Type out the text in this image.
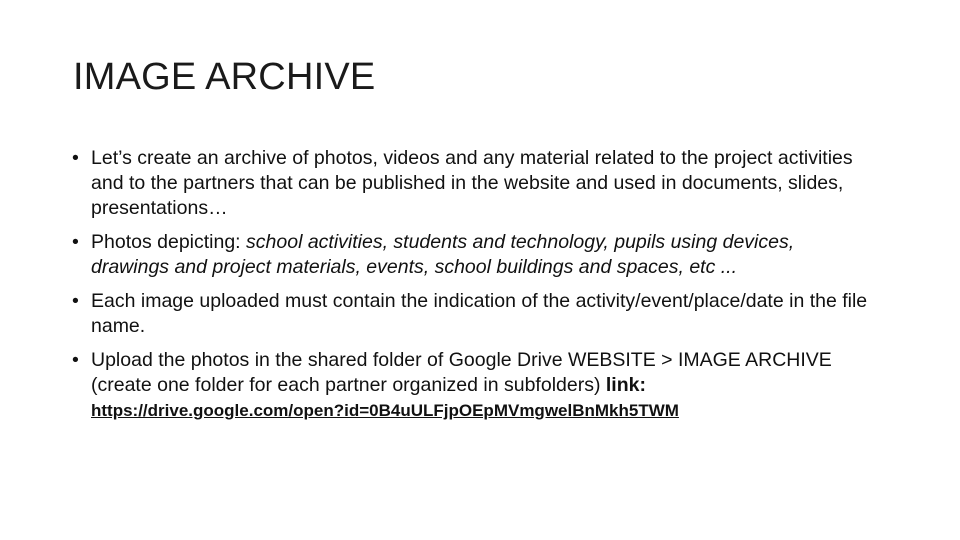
IMAGE ARCHIVE
• Let’s create an archive of photos, videos and any material related to the project activities and to the partners that can be published in the website and used in documents, slides, presentations…
• Photos depicting: school activities, students and technology, pupils using devices, drawings and project materials, events, school buildings and spaces, etc ...
• Each image uploaded must contain the indication of the activity/event/place/date in the file name.
• Upload the photos in the shared folder of Google Drive WEBSITE > IMAGE ARCHIVE (create one folder for each partner organized in subfolders) link:
https://drive.google.com/open?id=0B4uULFjpOEpMVmgwelBnMkh5TWM
